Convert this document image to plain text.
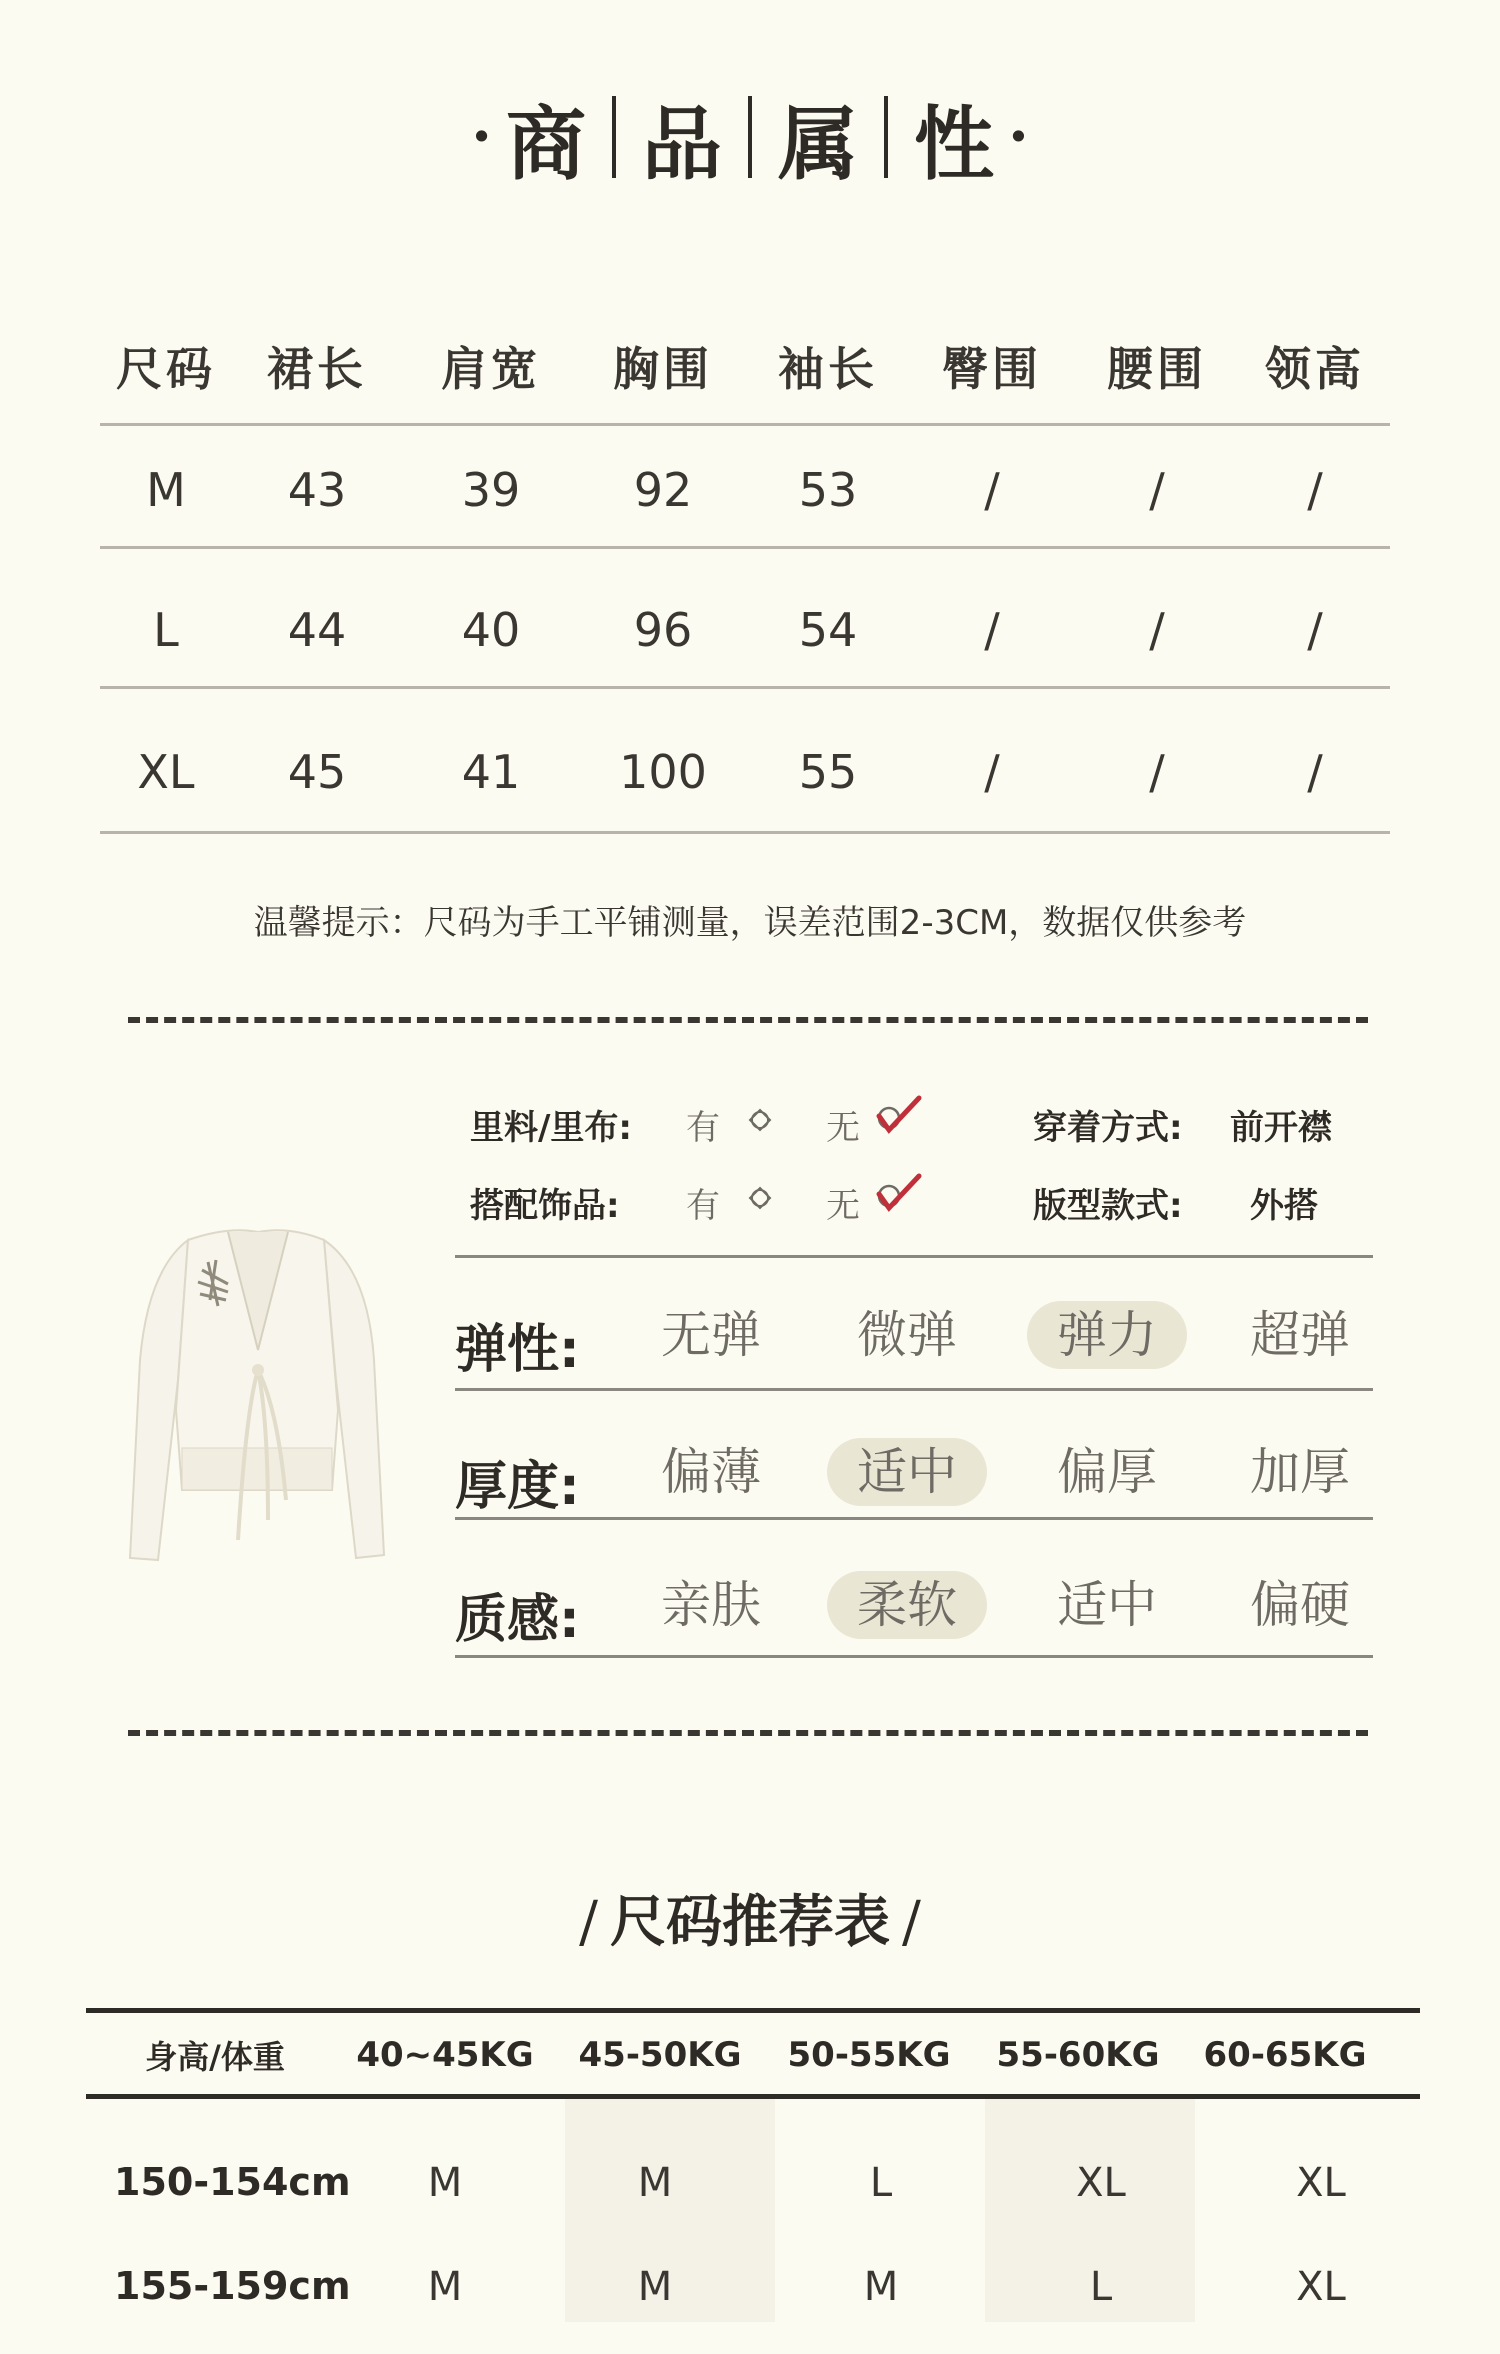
· 商 品 属 性 ·
尺码	裙长	肩宽	胸围	袖长	臀围	腰围	领高
M	43	39	92	53	/	/	/
L	44	40	96	54	/	/	/
XL	45	41	100	55	/	/	/
温馨提示：尺码为手工平铺测量，误差范围2-3CM，数据仅供参考
里料/里布: 有	无	穿着方式: 前开襟
搭配饰品: 有	无	版型款式: 外搭
弹性:	无弹	微弹	弹力	超弹
厚度:	偏薄	适中	偏厚	加厚
质感:	亲肤	柔软	适中	偏硬
/ 尺码推荐表 /
身高/体重	40~45KG	45-50KG	50-55KG	55-60KG	60-65KG
150-154cm	M	M	L	XL	XL
155-159cm	M	M	M	L	XL
